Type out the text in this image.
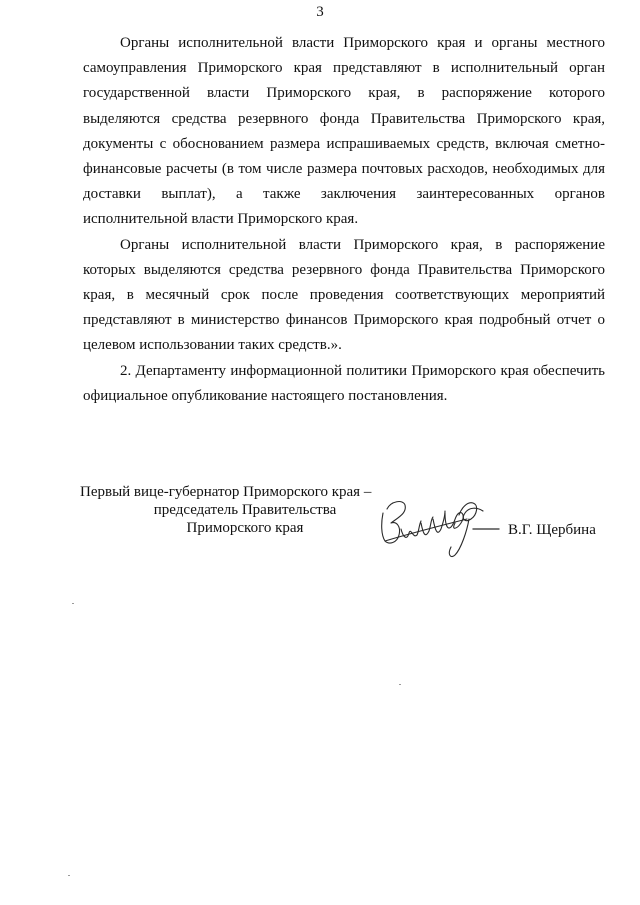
3

Органы исполнительной власти Приморского края и органы местного самоуправления Приморского края представляют в исполнительный орган государственной власти Приморского края, в распоряжение которого выделяются средства резервного фонда Правительства Приморского края, документы с обоснованием размера испрашиваемых средств, включая сметно-финансовые расчеты (в том числе размера почтовых расходов, необходимых для доставки выплат), а также заключения заинтересованных органов исполнительной власти Приморского края.

Органы исполнительной власти Приморского края, в распоряжение которых выделяются средства резервного фонда Правительства Приморского края, в месячный срок после проведения соответствующих мероприятий представляют в министерство финансов Приморского края подробный отчет о целевом использовании таких средств.».

2. Департаменту информационной политики Приморского края обеспечить официальное опубликование настоящего постановления.

Первый вице-губернатор Приморского края –
председатель Правительства
Приморского края	В.Г. Щербина
